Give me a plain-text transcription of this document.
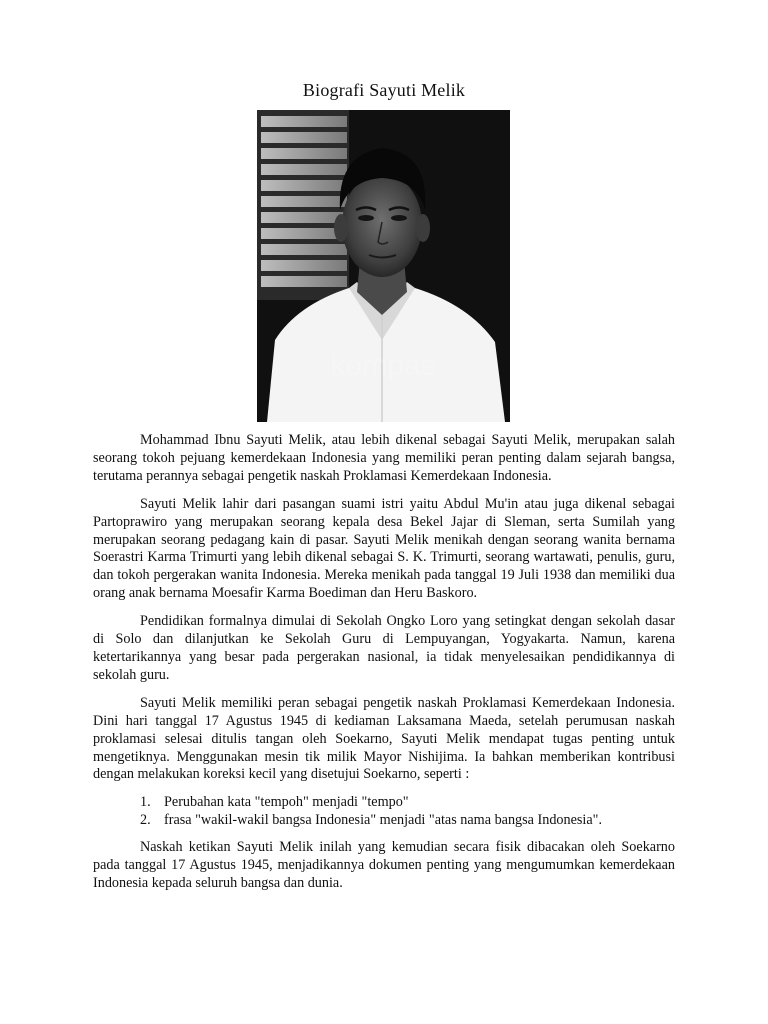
Biografi Sayuti Melik
kompas

Mohammad Ibnu Sayuti Melik, atau lebih dikenal sebagai Sayuti Melik, merupakan salah seorang tokoh pejuang kemerdekaan Indonesia yang memiliki peran penting dalam sejarah bangsa, terutama perannya sebagai pengetik naskah Proklamasi Kemerdekaan Indonesia.

Sayuti Melik lahir dari pasangan suami istri yaitu Abdul Mu'in atau juga dikenal sebagai Partoprawiro yang merupakan seorang kepala desa Bekel Jajar di Sleman, serta Sumilah yang merupakan seorang pedagang kain di pasar. Sayuti Melik menikah dengan seorang wanita bernama Soerastri Karma Trimurti yang lebih dikenal sebagai S. K. Trimurti, seorang wartawati, penulis, guru, dan tokoh pergerakan wanita Indonesia. Mereka menikah pada tanggal 19 Juli 1938 dan memiliki dua orang anak bernama Moesafir Karma Boediman dan Heru Baskoro.

Pendidikan formalnya dimulai di Sekolah Ongko Loro yang setingkat dengan sekolah dasar di Solo dan dilanjutkan ke Sekolah Guru di Lempuyangan, Yogyakarta. Namun, karena ketertarikannya yang besar pada pergerakan nasional, ia tidak menyelesaikan pendidikannya di sekolah guru.

Sayuti Melik memiliki peran sebagai pengetik naskah Proklamasi Kemerdekaan Indonesia. Dini hari tanggal 17 Agustus 1945 di kediaman Laksamana Maeda, setelah perumusan naskah proklamasi selesai ditulis tangan oleh Soekarno, Sayuti Melik mendapat tugas penting untuk mengetiknya. Menggunakan mesin tik milik Mayor Nishijima. Ia bahkan memberikan kontribusi dengan melakukan koreksi kecil yang disetujui Soekarno, seperti :

1. Perubahan kata "tempoh" menjadi "tempo"
2. frasa "wakil-wakil bangsa Indonesia" menjadi "atas nama bangsa Indonesia".

Naskah ketikan Sayuti Melik inilah yang kemudian secara fisik dibacakan oleh Soekarno pada tanggal 17 Agustus 1945, menjadikannya dokumen penting yang mengumumkan kemerdekaan Indonesia kepada seluruh bangsa dan dunia.
